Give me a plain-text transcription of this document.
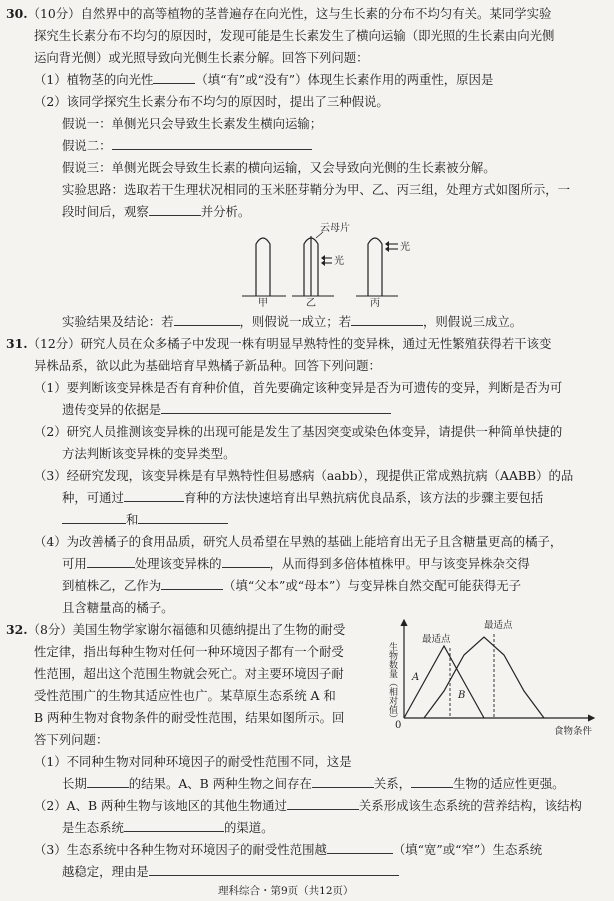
30.（10分）自然界中的高等植物的茎普遍存在向光性，这与生长素的分布不均匀有关。某同学实验
探究生长素分布不均匀的原因时，发现可能是生长素发生了横向运输（即光照的生长素由向光侧
运向背光侧）或光照导致向光侧生长素分解。回答下列问题：
（1）植物茎的向光性	（填“有”或“没有”）体现生长素作用的两重性，原因是
（2）该同学探究生长素分布不均匀的原因时，提出了三种假说。
假说一：单侧光只会导致生长素发生横向运输；
假说二：
假说三：单侧光既会导致生长素的横向运输，又会导致向光侧的生长素被分解。
实验思路：选取若干生理状况相同的玉米胚芽鞘分为甲、乙、丙三组，处理方式如图所示，一
段时间后，观察	并分析。
云母片
光
光
甲	乙	丙
实验结果及结论：若	，则假说一成立；若	，则假说三成立。
31.（12分）研究人员在众多橘子中发现一株有明显早熟特性的变异株，通过无性繁殖获得若干该变
异株品系，欲以此为基础培育早熟橘子新品种。回答下列问题：
（1）要判断该变异株是否有育种价值，首先要确定该种变异是否为可遗传的变异，判断是否为可
遗传变异的依据是
（2）研究人员推测该变异株的出现可能是发生了基因突变或染色体变异，请提供一种简单快捷的
方法判断该变异株的变异类型。
（3）经研究发现，该变异株是有早熟特性但易感病（aabb），现提供正常成熟抗病（AABB）的品
种，可通过	育种的方法快速培育出早熟抗病优良品系，该方法的步骤主要包括
和
（4）为改善橘子的食用品质，研究人员希望在早熟的基础上能培育出无子且含糖量更高的橘子，
可用	处理该变异株的	，从而得到多倍体植株甲。甲与该变异株杂交得
到植株乙，乙作为	（填“父本”或“母本”）与变异株自然交配可能获得无子
且含糖量高的橘子。
32.（8分）美国生物学家谢尔福德和贝德纳提出了生物的耐受
性定律，指出每种生物对任何一种环境因子都有一个耐受
性范围，超出这个范围生物就会死亡。对主要环境因子耐
受性范围广的生物其适应性也广。某草原生态系统 A 和
B 两种生物对食物条件的耐受性范围，结果如图所示。回
答下列问题：
0
生物数量（相对值）
食物条件
最适点
最适点
A
B
（1）不同种生物对同种环境因子的耐受性范围不同，这是
长期	的结果。A、B 两种生物之间存在	关系，	生物的适应性更强。
（2）A、B 两种生物与该地区的其他生物通过	关系形成该生态系统的营养结构，该结构
是生态系统	的渠道。
（3）生态系统中各种生物对环境因子的耐受性范围越	（填“宽”或“窄”）生态系统
越稳定，理由是
理科综合・第9页（共12页）
